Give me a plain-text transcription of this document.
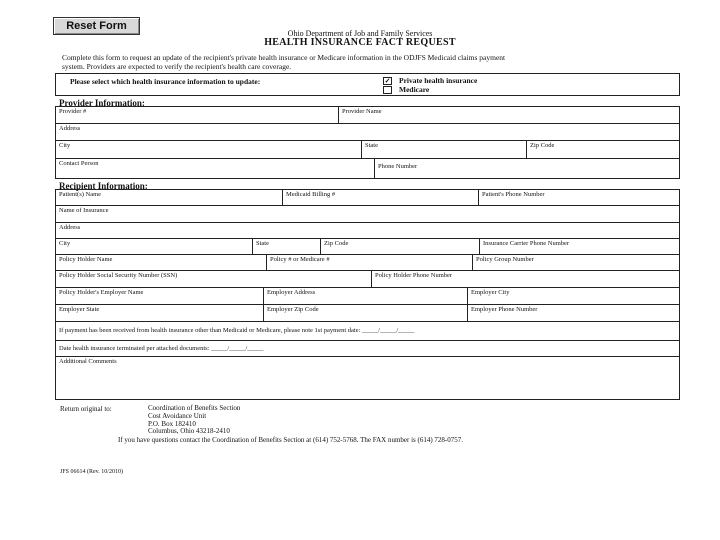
Reset Form
Ohio Department of Job and Family Services
HEALTH INSURANCE FACT REQUEST
Complete this form to request an update of the recipient's private health insurance or Medicare information in the ODJFS Medicaid claims payment
system. Providers are expected to verify the recipient's health care coverage.
Please select which health insurance information to update:	✓ Private health insurance
Medicare
Provider Information:
Provider #	Provider Name
Address
City	State	Zip Code
Contact Person	Phone Number
Recipient Information:
Patient(s) Name	Medicaid Billing #	Patient's Phone Number
Name of Insurance
Address
City	State	Zip Code	Insurance Carrier Phone Number
Policy Holder Name	Policy # or Medicare #	Policy Group Number
Policy Holder Social Security Number (SSN)	Policy Holder Phone Number
Policy Holder's Employer Name	Employer Address	Employer City
Employer State	Employer Zip Code	Employer Phone Number
If payment has been received from health insurance other than Medicaid or Medicare, please note 1st payment date: _____/_____/_____
Date health insurance terminated per attached documents: _____/_____/_____
Additional Comments
Return original to:	Coordination of Benefits Section
Cost Avoidance Unit
P.O. Box 182410
Columbus, Ohio 43218-2410
If you have questions contact the Coordination of Benefits Section at (614) 752-5768. The FAX number is (614) 728-0757.
JFS 06614 (Rev. 10/2010)
